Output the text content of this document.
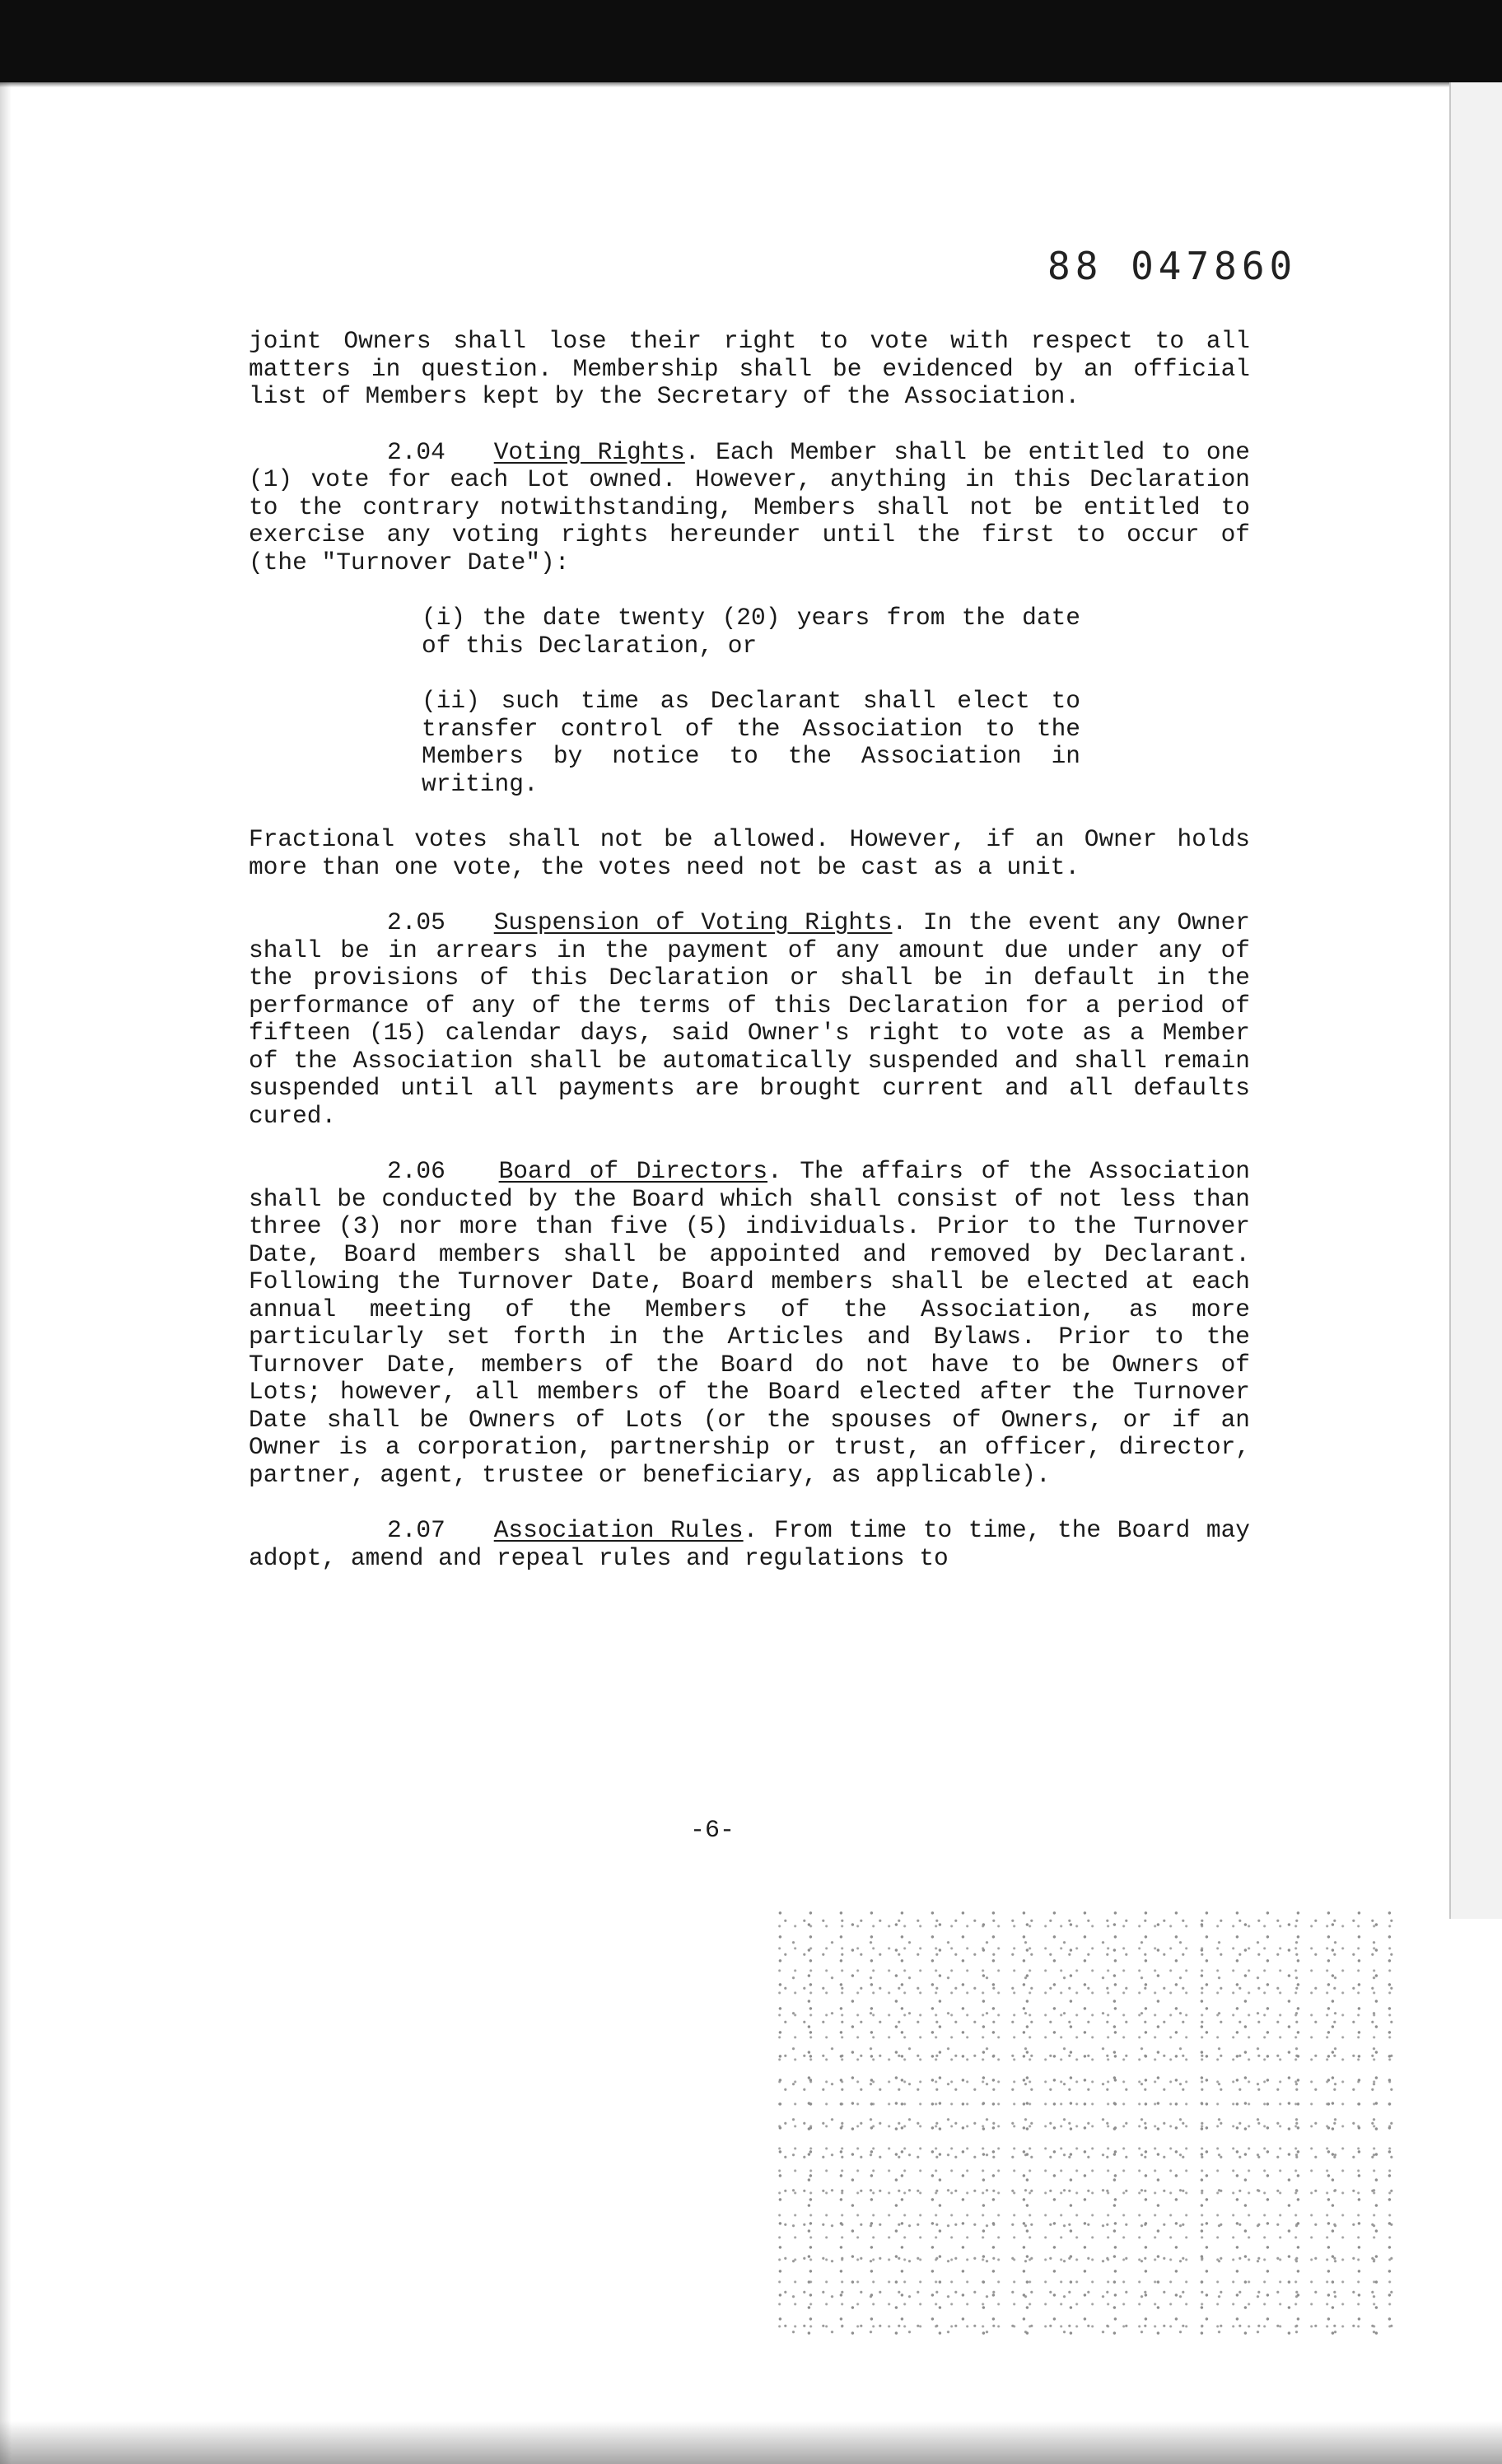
88 047860

joint Owners shall lose their right to vote with respect to all matters in question. Membership shall be evidenced by an official list of Members kept by the Secretary of the Association.

2.04 Voting Rights. Each Member shall be entitled to one (1) vote for each Lot owned. However, anything in this Declaration to the contrary notwithstanding, Members shall not be entitled to exercise any voting rights hereunder until the first to occur of (the "Turnover Date"):

(i) the date twenty (20) years from the date of this Declaration, or

(ii) such time as Declarant shall elect to transfer control of the Association to the Members by notice to the Association in writing.

Fractional votes shall not be allowed. However, if an Owner holds more than one vote, the votes need not be cast as a unit.

2.05 Suspension of Voting Rights. In the event any Owner shall be in arrears in the payment of any amount due under any of the provisions of this Declaration or shall be in default in the performance of any of the terms of this Declaration for a period of fifteen (15) calendar days, said Owner's right to vote as a Member of the Association shall be automatically suspended and shall remain suspended until all payments are brought current and all defaults cured.

2.06 Board of Directors. The affairs of the Association shall be conducted by the Board which shall consist of not less than three (3) nor more than five (5) individuals. Prior to the Turnover Date, Board members shall be appointed and removed by Declarant. Following the Turnover Date, Board members shall be elected at each annual meeting of the Members of the Association, as more particularly set forth in the Articles and Bylaws. Prior to the Turnover Date, members of the Board do not have to be Owners of Lots; however, all members of the Board elected after the Turnover Date shall be Owners of Lots (or the spouses of Owners, or if an Owner is a corporation, partnership or trust, an officer, director, partner, agent, trustee or beneficiary, as applicable).

2.07 Association Rules. From time to time, the Board may adopt, amend and repeal rules and regulations to

-6-
